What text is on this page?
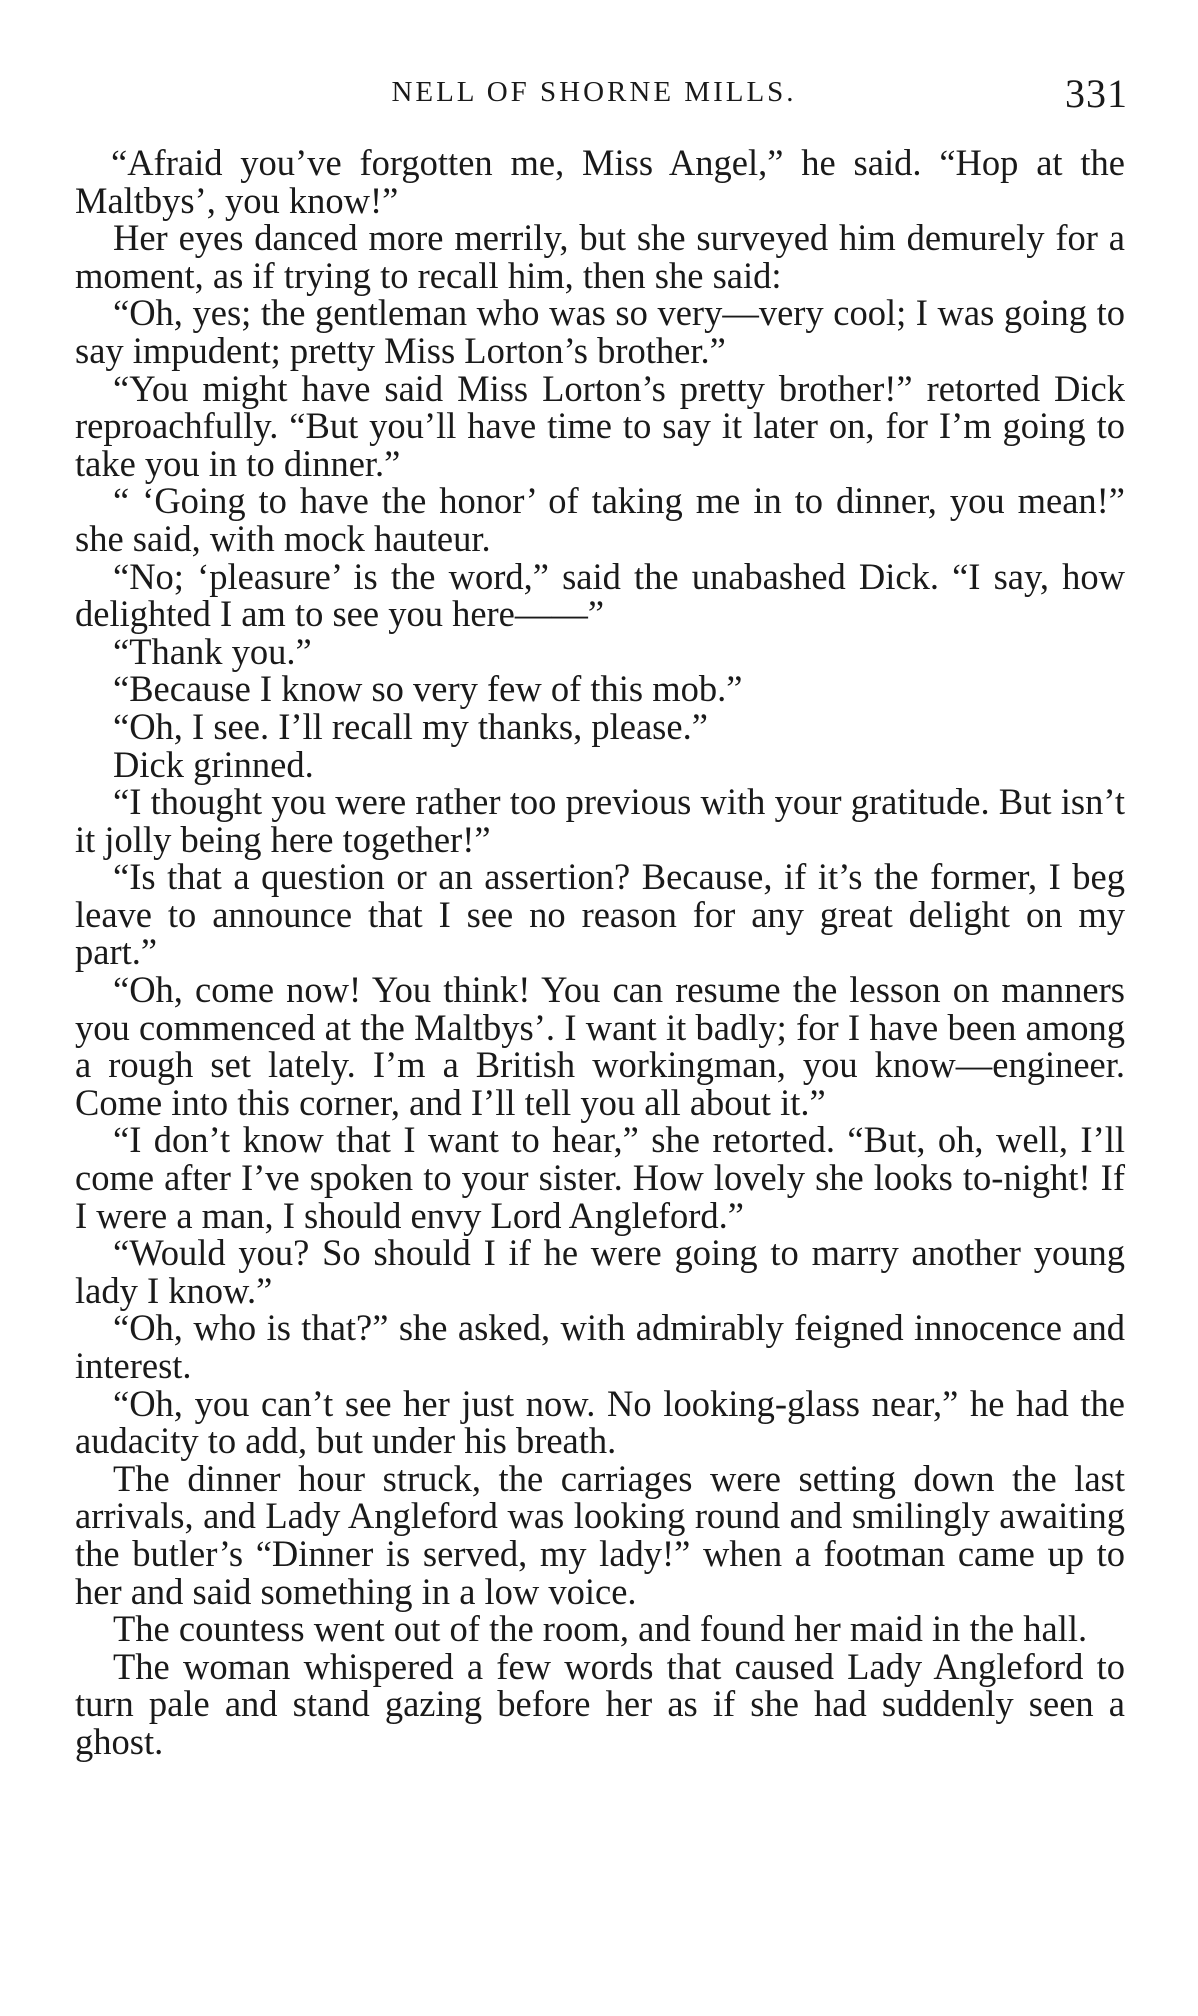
NELL OF SHORNE MILLS.	331

“Afraid you’ve forgotten me, Miss Angel,” he said. “Hop at the Maltbys’, you know!”

Her eyes danced more merrily, but she surveyed him demurely for a moment, as if trying to recall him, then she said:

“Oh, yes; the gentleman who was so very—very cool; I was going to say impudent; pretty Miss Lorton’s brother.”

“You might have said Miss Lorton’s pretty brother!” retorted Dick reproachfully. “But you’ll have time to say it later on, for I’m going to take you in to dinner.”

“ ‘Going to have the honor’ of taking me in to dinner, you mean!” she said, with mock hauteur.

“No; ‘pleasure’ is the word,” said the unabashed Dick. “I say, how delighted I am to see you here——”

“Thank you.”

“Because I know so very few of this mob.”

“Oh, I see. I’ll recall my thanks, please.”

Dick grinned.

“I thought you were rather too previous with your gratitude. But isn’t it jolly being here together!”

“Is that a question or an assertion? Because, if it’s the former, I beg leave to announce that I see no reason for any great delight on my part.”

“Oh, come now! You think! You can resume the lesson on manners you commenced at the Maltbys’. I want it badly; for I have been among a rough set lately. I’m a British workingman, you know—engineer. Come into this corner, and I’ll tell you all about it.”

“I don’t know that I want to hear,” she retorted. “But, oh, well, I’ll come after I’ve spoken to your sister. How lovely she looks to-night! If I were a man, I should envy Lord Angleford.”

“Would you? So should I if he were going to marry another young lady I know.”

“Oh, who is that?” she asked, with admirably feigned innocence and interest.

“Oh, you can’t see her just now. No looking-glass near,” he had the audacity to add, but under his breath.

The dinner hour struck, the carriages were setting down the last arrivals, and Lady Angleford was looking round and smilingly awaiting the butler’s “Dinner is served, my lady!” when a footman came up to her and said something in a low voice.

The countess went out of the room, and found her maid in the hall.

The woman whispered a few words that caused Lady Angleford to turn pale and stand gazing before her as if she had suddenly seen a ghost.
